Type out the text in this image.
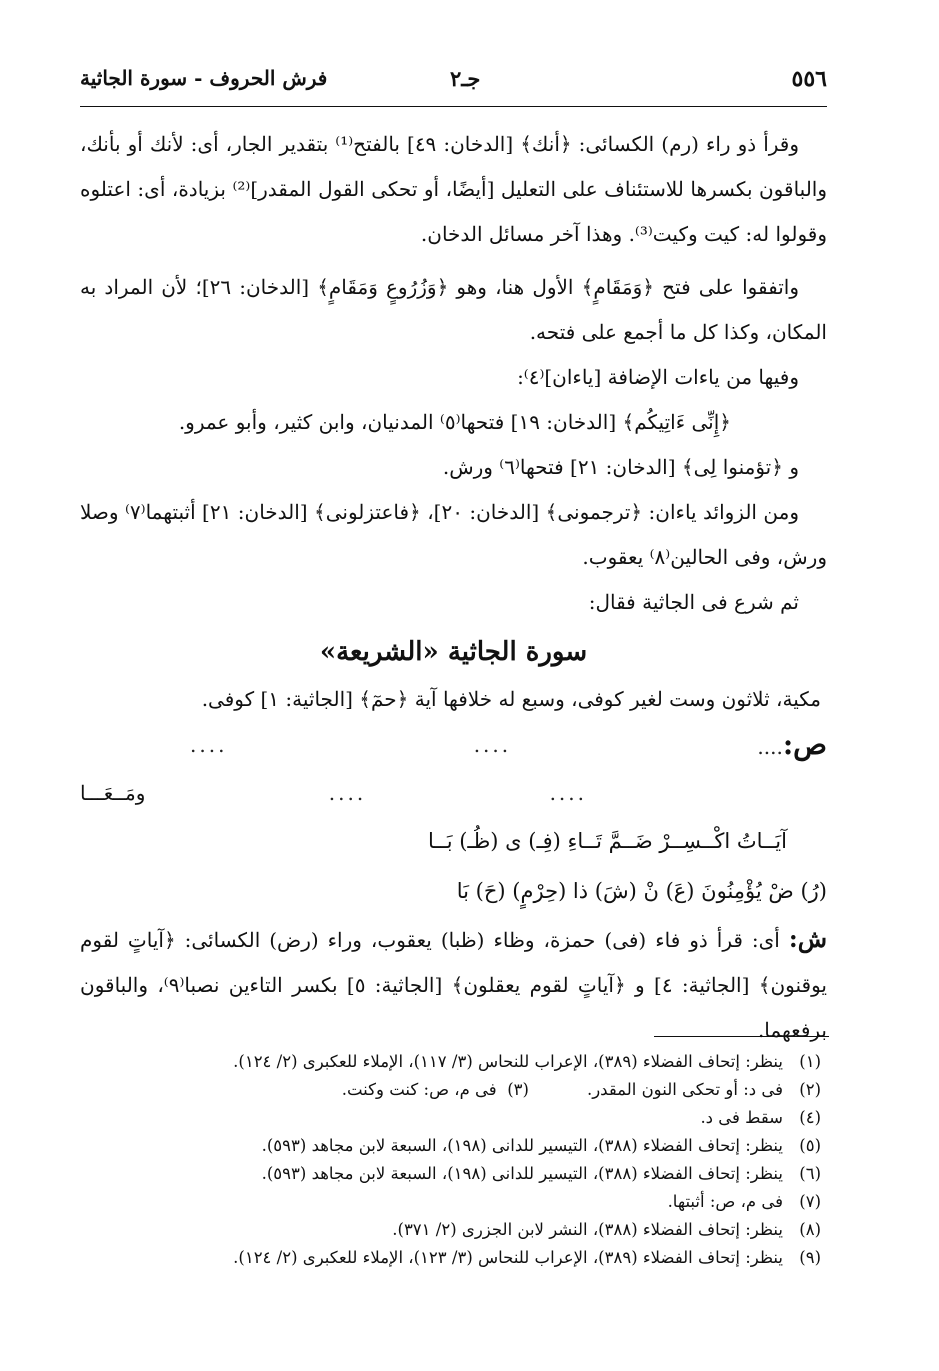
٥٥٦
جـ٢
فرش الحروف - سورة الجاثية

وقرأ ذو راء (رم) الكسائى: ﴿أنك﴾ [الدخان: ٤٩] بالفتح⁽¹⁾ بتقدير الجار، أى: لأنك أو بأنك، والباقون بكسرها للاستئناف على التعليل [أيضًا، أو تحكى القول المقدر]⁽²⁾ بزيادة، أى: اعتلوه وقولوا له: كيت وكيت⁽³⁾. وهذا آخر مسائل الدخان.

واتفقوا على فتح ﴿وَمَقَامٍ﴾ الأول هنا، وهو ﴿وَزُرُوعٍ وَمَقَامٍ﴾ [الدخان: ٢٦]؛ لأن المراد به المكان، وكذا كل ما أجمع على فتحه.

وفيها من ياءات الإضافة [ياءان]⁽٤⁾:

﴿إِنِّى ءَاتِيكُم﴾ [الدخان: ١٩] فتحها⁽٥⁾ المدنيان، وابن كثير، وأبو عمرو.

و ﴿تؤمنوا لِى﴾ [الدخان: ٢١] فتحها⁽٦⁾ ورش.

ومن الزوائد ياءان: ﴿ترجمونى﴾ [الدخان: ٢٠]، ﴿فاعتزلونى﴾ [الدخان: ٢١] أثبتهما⁽٧⁾ وصلا ورش، وفى الحالين⁽٨⁾ يعقوب.

ثم شرع فى الجاثية فقال:

سورة الجاثية «الشريعة»

مكية، ثلاثون وست لغير كوفى، وسبع له خلافها آية ﴿حمٓ﴾ [الجاثية: ١] كوفى.

ص:....
....
....
....
....
ومَــعَـــا
آيَــاتُ اكْــسِــرْ ضَــمَّ تَــاءِ (فِـ) ى (ظُـ) بَــا
(رُ) ضْ يُؤْمِنُونَ (عَ) نْ (شَ) ذا (حِرْمٍ) (حَ) بَا

ش: أى: قرأ ذو فاء (فى) حمزة، وظاء (ظبا) يعقوب، وراء (رض) الكسائى: ﴿آياتٍ لقوم يوقنون﴾ [الجاثية: ٤] و ﴿آياتٍ لقوم يعقلون﴾ [الجاثية: ٥] بكسر التاءين نصبا⁽٩⁾، والباقون برفعهما.

(١)ينظر: إتحاف الفضلاء (٣٨٩)، الإعراب للنحاس (٣/ ١١٧)، الإملاء للعكبرى (٢/ ١٢٤).

(٢)فى د: أو تحكى النون المقدر.
(٣)  فى م، ص: كنت وكنت.

(٤)سقط فى د.

(٥)ينظر: إتحاف الفضلاء (٣٨٨)، التيسير للدانى (١٩٨)، السبعة لابن مجاهد (٥٩٣).

(٦)ينظر: إتحاف الفضلاء (٣٨٨)، التيسير للدانى (١٩٨)، السبعة لابن مجاهد (٥٩٣).

(٧)فى م، ص: أثبتها.

(٨)ينظر: إتحاف الفضلاء (٣٨٨)، النشر لابن الجزرى (٢/ ٣٧١).

(٩)ينظر: إتحاف الفضلاء (٣٨٩)، الإعراب للنحاس (٣/ ١٢٣)، الإملاء للعكبرى (٢/ ١٢٤).
